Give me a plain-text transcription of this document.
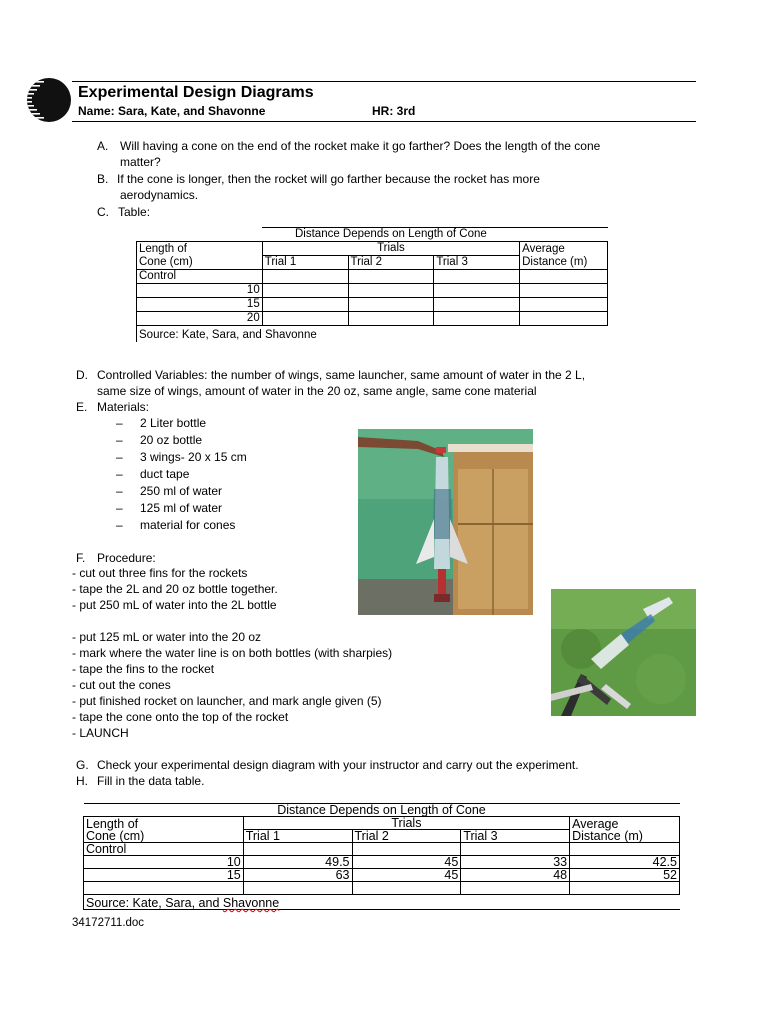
Experimental Design Diagrams
Name: Sara, Kate, and Shavonne	HR: 3rd
A. Will having a cone on the end of the rocket make it go farther? Does the length of the cone
matter?
B. If the cone is longer, then the rocket will go farther because the rocket has more
aerodynamics.
C. Table:
	Distance Depends on Length of Cone			
Length of	Trials			Average
Cone (cm)	Trial 1	Trial 2	Trial 3	Distance (m)
Control				
10				
15				
20				
Source: Kate, Sara, and Shavonne				
D. Controlled Variables: the number of wings, same launcher, same amount of water in the 2 L,
same size of wings, amount of water in the 20 oz, same angle, same cone material
E. Materials:
– 2 Liter bottle
– 20 oz bottle
– 3 wings- 20 x 15 cm
– duct tape
– 250 ml of water
– 125 ml of water
– material for cones
F. Procedure:
- cut out three fins for the rockets
- tape the 2L and 20 oz bottle together.
- put 250 mL of water into the 2L bottle
- put 125 mL or water into the 20 oz
- mark where the water line is on both bottles (with sharpies)
- tape the fins to the rocket
- cut out the cones
- put finished rocket on launcher, and mark angle given (5)
- tape the cone onto the top of the rocket
- LAUNCH
G. Check your experimental design diagram with your instructor and carry out the experiment.
H. Fill in the data table.
Distance Depends on Length of Cone				
Length of	Trials			Average
Cone (cm)	Trial 1	Trial 2	Trial 3	Distance (m)
Control				
10	49.5	45	33	42.5
15	63	45	48	52

Source: Kate, Sara, and Shavonne				
34172711.doc
